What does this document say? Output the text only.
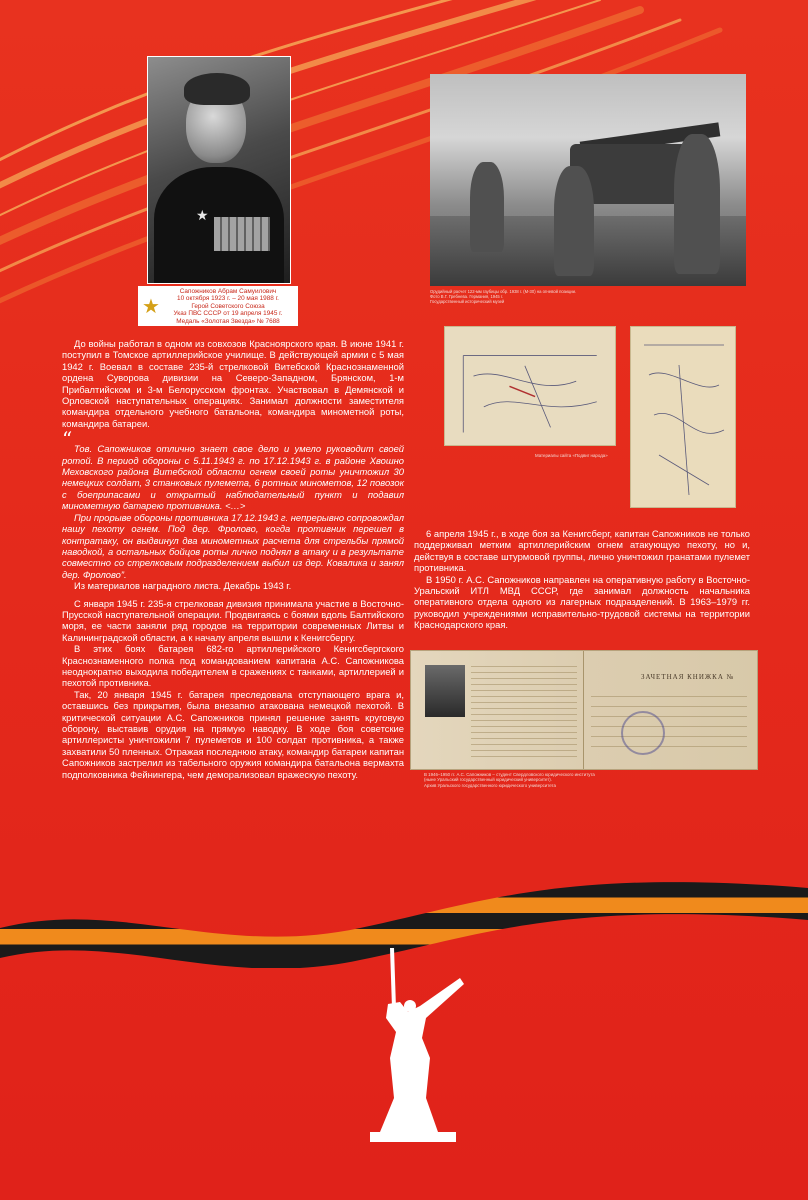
★
★
Сапожников Абрам Самуилович
10 октября 1923 г. – 20 мая 1988 г.
Герой Советского Союза
Указ ПВС СССР от 19 апреля 1945 г.
Медаль «Золотая Звезда» № 7688
Орудийный расчет 122-мм гаубицы обр. 1938 г. (М-30) на огневой позиции.
Фото В.Г. Гребнева. Германия, 1945 г.
Государственный исторический музей
Материалы сайта «Подвиг народа»

До войны работал в одном из совхозов Красноярского края. В июне 1941 г. поступил в Томское артиллерийское училище. В действующей армии с 5 мая 1942 г. Воевал в составе 235-й стрелковой Витебской Краснознаменной ордена Суворова дивизии на Северо-Западном, Брянском, 1-м Прибалтийском и 3-м Белорусском фронтах. Участвовал в Демянской и Орловской наступательных операциях. Занимал должности заместителя командира отдельного учебного батальона, командира минометной роты, командира батареи.

“ Тов. Сапожников отлично знает свое дело и умело руководит своей ротой. В период обороны с 5.11.1943 г. по 17.12.1943 г. в районе Хвошно Меховского района Витебской области огнем своей роты уничтожил 30 немецких солдат, 3 станковых пулемета, 6 ротных минометов, 12 повозок с боеприпасами и открытый наблюдательный пункт и подавил минометную батарею противника. <…>

При прорыве обороны противника 17.12.1943 г. непрерывно сопровождал нашу пехоту огнем. Под дер. Фролово, когда противник перешел в контратаку, он выдвинул два минометных расчета для стрельбы прямой наводкой, а остальных бойцов роты лично поднял в атаку и в результате совместно со стрелковым подразделением выбил из дер. Ковалика и занял дер. Фролово”.

Из материалов наградного листа. Декабрь 1943 г.

С января 1945 г. 235-я стрелковая дивизия принимала участие в Восточно-Прусской наступательной операции. Продвигаясь с боями вдоль Балтийского моря, ее части заняли ряд городов на территории современных Литвы и Калининградской области, а к началу апреля вышли к Кенигсбергу.

В этих боях батарея 682-го артиллерийского Кенигсбергского Краснознаменного полка под командованием капитана А.С. Сапожникова неоднократно выходила победителем в сражениях с танками, артиллерией и пехотой противника.

Так, 20 января 1945 г. батарея преследовала отступающего врага и, оставшись без прикрытия, была внезапно атакована немецкой пехотой. В критической ситуации А.С. Сапожников принял решение занять круговую оборону, выставив орудия на прямую наводку. В ходе боя советские артиллеристы уничтожили 7 пулеметов и 100 солдат противника, а также захватили 50 пленных. Отражая последнюю атаку, командир батареи капитан Сапожников застрелил из табельного оружия командира батальона вермахта подполковника Фейнингера, чем деморализовал вражескую пехоту.

6 апреля 1945 г., в ходе боя за Кенигсберг, капитан Сапожников не только поддерживал метким артиллерийским огнем атакующую пехоту, но и, действуя в составе штурмовой группы, лично уничтожил гранатами пулемет противника.

В 1950 г. А.С. Сапожников направлен на оперативную работу в Восточно-Уральский ИТЛ МВД СССР, где занимал должность начальника оперативного отдела одного из лагерных подразделений. В 1963–1979 гг. руководил учреждениями исправительно-трудовой системы на территории Краснодарского края.

ЗАЧЕТНАЯ КНИЖКА №
В 1946–1950 гг. А.С. Сапожников – студент Свердловского юридического института
(ныне Уральский государственный юридический университет).
Архив Уральского государственного юридического университета
